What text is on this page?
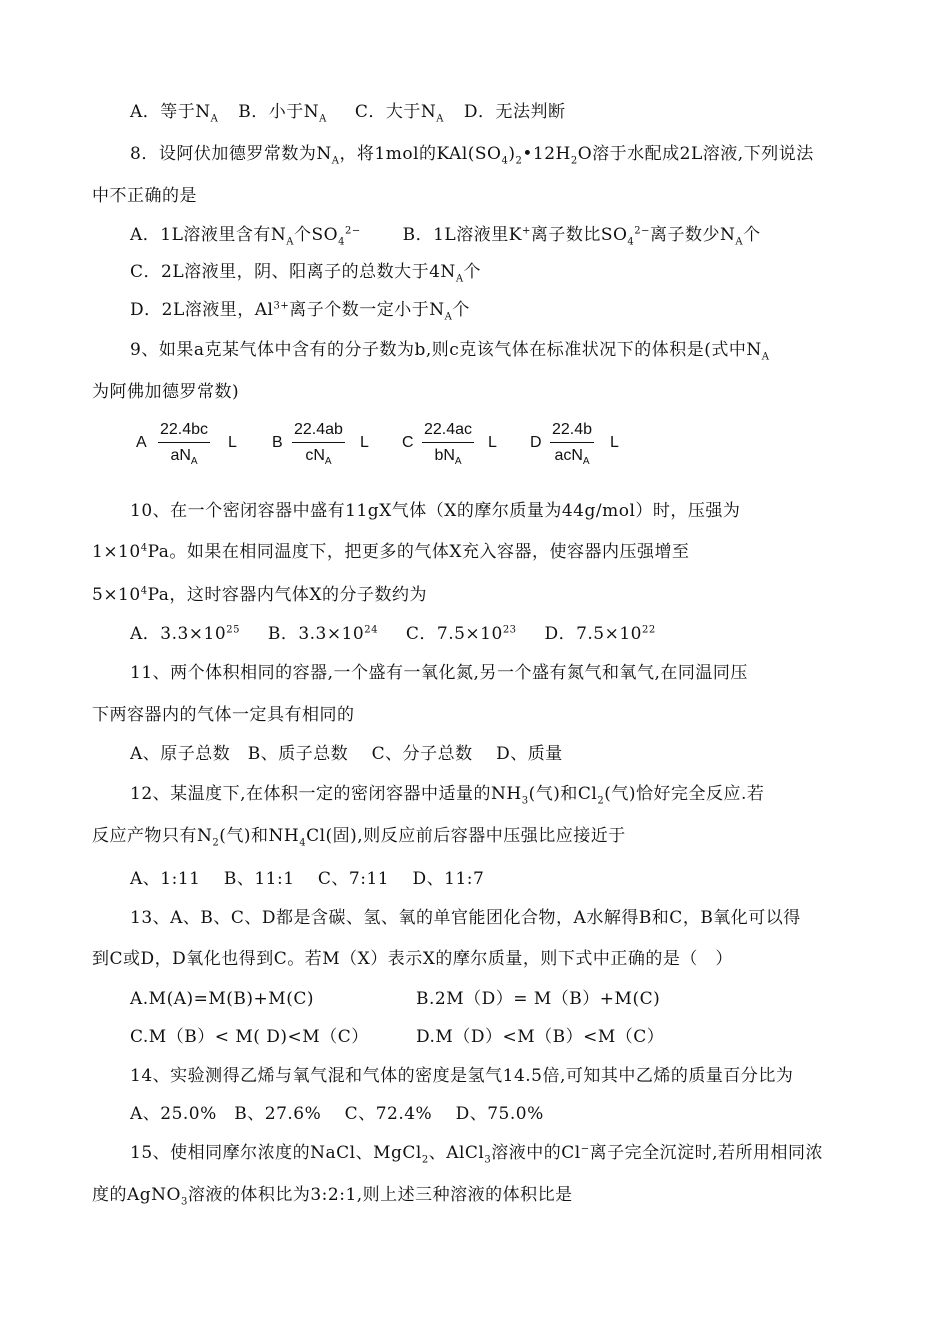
A．等于$N_A$ B．小于$N_A$ C．大于$N_A$ D．无法判断
8．设阿伏加德罗常数为$N_A$，将1mol的$KAl(SO_4)_2•12H_2O$溶于水配成2L溶液,下列说法
中不正确的是
A．1L溶液里含有$N_A$个$SO_4^{2-}$ B．1L溶液里K+离子数比$SO_4^{2-}$离子数少$N_A$个
C．2L溶液里，阴、阳离子的总数大于$4N_A$个
D．2L溶液里，$Al^{3+}$离子个数一定小于$N_A$个
9、如果a克某气体中含有的分子数为b,则c克该气体在标准状况下的体积是(式中$N_A$
为阿佛加德罗常数)
A
22.4bc
$aN_A$
L B
22.4ab
$cN_A$
L C
22.4ac
$bN_A$
L D
22.4b
acN$_A$
L
10、在一个密闭容器中盛有11gX气体（X的摩尔质量为44g/mol）时，压强为
$1\times 10^4Pa$。如果在相同温度下，把更多的气体X充入容器，使容器内压强增至
$5\times 10^4Pa$，这时容器内气体X的分子数约为
A．$3.3\times 10^{25}$ B．$3.3\times 10^{24}$ C．$7.5\times 10^{23}$ D．$7.5\times 10^{22}$
11、两个体积相同的容器,一个盛有一氧化氮,另一个盛有氮气和氧气,在同温同压
下两容器内的气体一定具有相同的
A、原子总数　B、质子总数　 C、分子总数　 D、质量
12、某温度下,在体积一定的密闭容器中适量的$NH_3$(气)和$Cl_2$(气)恰好完全反应.若
反应产物只有$N_2$(气)和$NH_4Cl$(固),则反应前后容器中压强比应接近于
A、1:11　 B、11:1　 C、7:11　 D、11:7
13、A、B、C、D都是含碳、氢、氧的单官能团化合物，A水解得B和C，B氧化可以得
到C或D，D氧化也得到C。若M（X）表示X的摩尔质量，则下式中正确的是（　）
A.M(A)=M(B)+M(C)	B.2M（D）= M（B）+M(C)
C.M（B）< M( D)<M（C）	D.M（D）<M（B）<M（C）
14、实验测得乙烯与氧气混和气体的密度是氢气14.5倍,可知其中乙烯的质量百分比为
A、25.0%　B、27.6%　 C、72.4%　 D、75.0%
15、使相同摩尔浓度的NaCl、MgCl$_2$、AlCl$_3$溶液中的Cl−离子完全沉淀时,若所用相同浓
度的AgNO$_3$溶液的体积比为3:2:1,则上述三种溶液的体积比是
